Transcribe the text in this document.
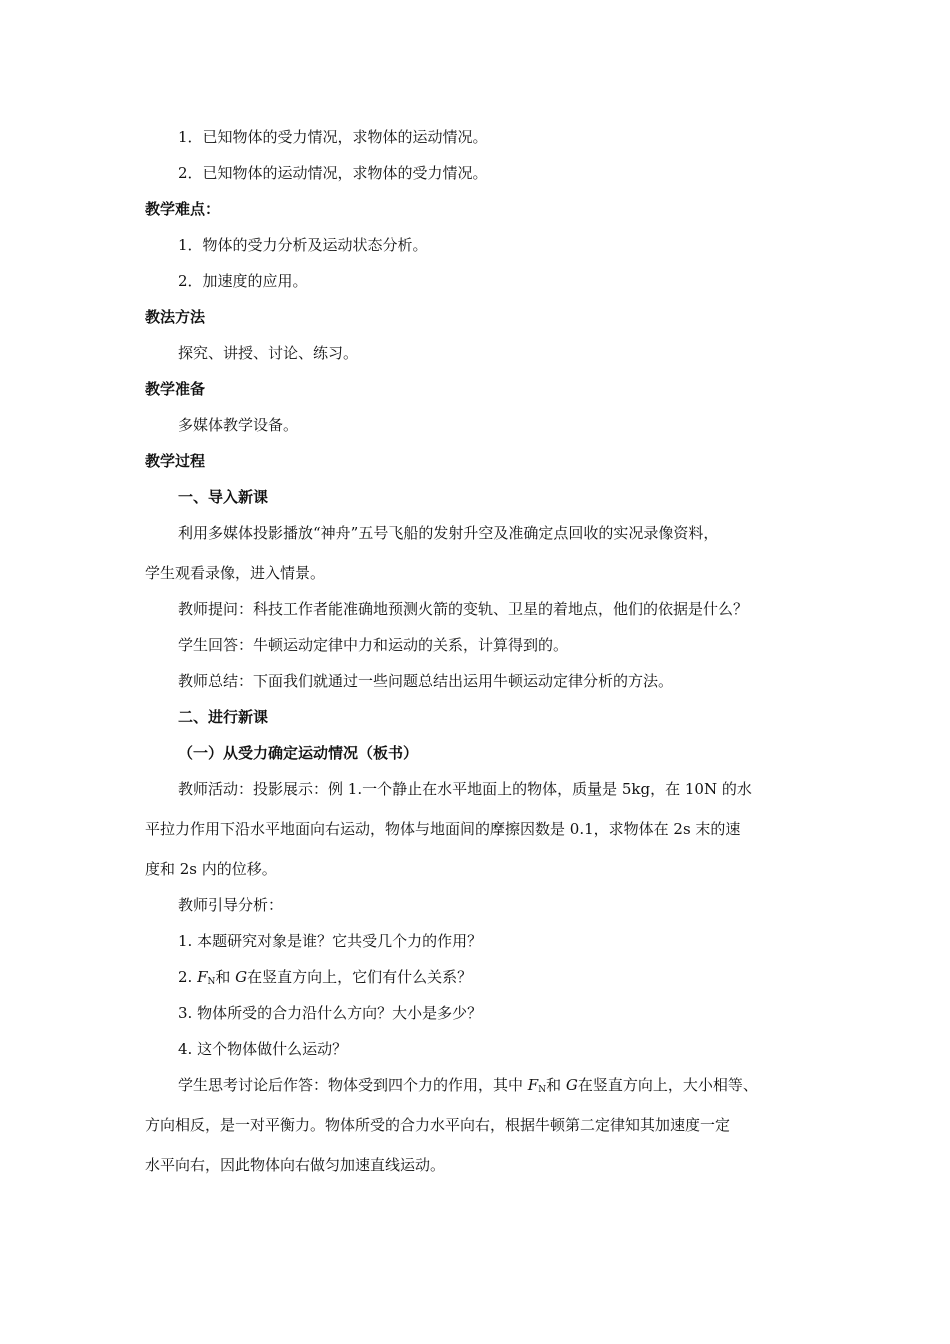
1．已知物体的受力情况，求物体的运动情况。
2．已知物体的运动情况，求物体的受力情况。
教学难点：
1．物体的受力分析及运动状态分析。
2．加速度的应用。
教法方法
探究、讲授、讨论、练习。
教学准备
多媒体教学设备。
教学过程
一、导入新课
利用多媒体投影播放“神舟”五号飞船的发射升空及准确定点回收的实况录像资料，
学生观看录像，进入情景。
教师提问：科技工作者能准确地预测火箭的变轨、卫星的着地点，他们的依据是什么？
学生回答：牛顿运动定律中力和运动的关系，计算得到的。
教师总结：下面我们就通过一些问题总结出运用牛顿运动定律分析的方法。
二、进行新课
（一）从受力确定运动情况（板书）
教师活动：投影展示：例 1.一个静止在水平地面上的物体，质量是 5kg，在 10N 的水
平拉力作用下沿水平地面向右运动，物体与地面间的摩擦因数是 0.1，求物体在 2s 末的速
度和 2s 内的位移。
教师引导分析：
1. 本题研究对象是谁？它共受几个力的作用？
2. $F_N$和 G在竖直方向上，它们有什么关系？
3. 物体所受的合力沿什么方向？大小是多少？
4. 这个物体做什么运动？
学生思考讨论后作答：物体受到四个力的作用，其中 $F_N$和 G在竖直方向上，大小相等、
方向相反，是一对平衡力。物体所受的合力水平向右，根据牛顿第二定律知其加速度一定
水平向右，因此物体向右做匀加速直线运动。
